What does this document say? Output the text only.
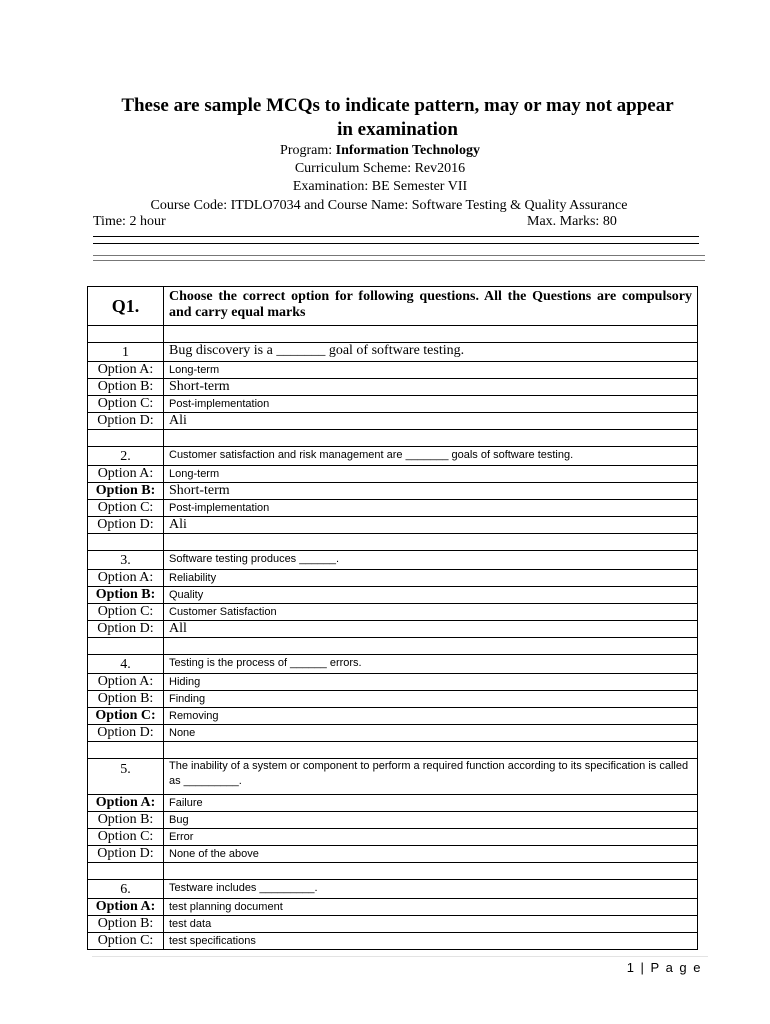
These are sample MCQs to indicate pattern, may or may not appear
in examination
Program: Information Technology
Curriculum Scheme: Rev2016
Examination: BE Semester VII
Course Code: ITDLO7034 and Course Name: Software Testing & Quality Assurance
Time: 2 hour	Max. Marks: 80
Q1.	Choose the correct option for following questions. All the Questions are compulsory and carry equal marks

1	Bug discovery is a _______ goal of software testing.
Option A:	Long-term
Option B:	Short-term
Option C:	Post-implementation
Option D:	Ali

2.	Customer satisfaction and risk management are _______ goals of software testing.
Option A:	Long-term
Option B:	Short-term
Option C:	Post-implementation
Option D:	Ali

3.	Software testing produces ______.
Option A:	Reliability
Option B:	Quality
Option C:	Customer Satisfaction
Option D:	All

4.	Testing is the process of ______ errors.
Option A:	Hiding
Option B:	Finding
Option C:	Removing
Option D:	None

5.	The inability of a system or component to perform a required function according to its specification is called as _________.
Option A:	Failure
Option B:	Bug
Option C:	Error
Option D:	None of the above

6.	Testware includes _________.
Option A:	test planning document
Option B:	test data
Option C:	test specifications
1 | P a g e
